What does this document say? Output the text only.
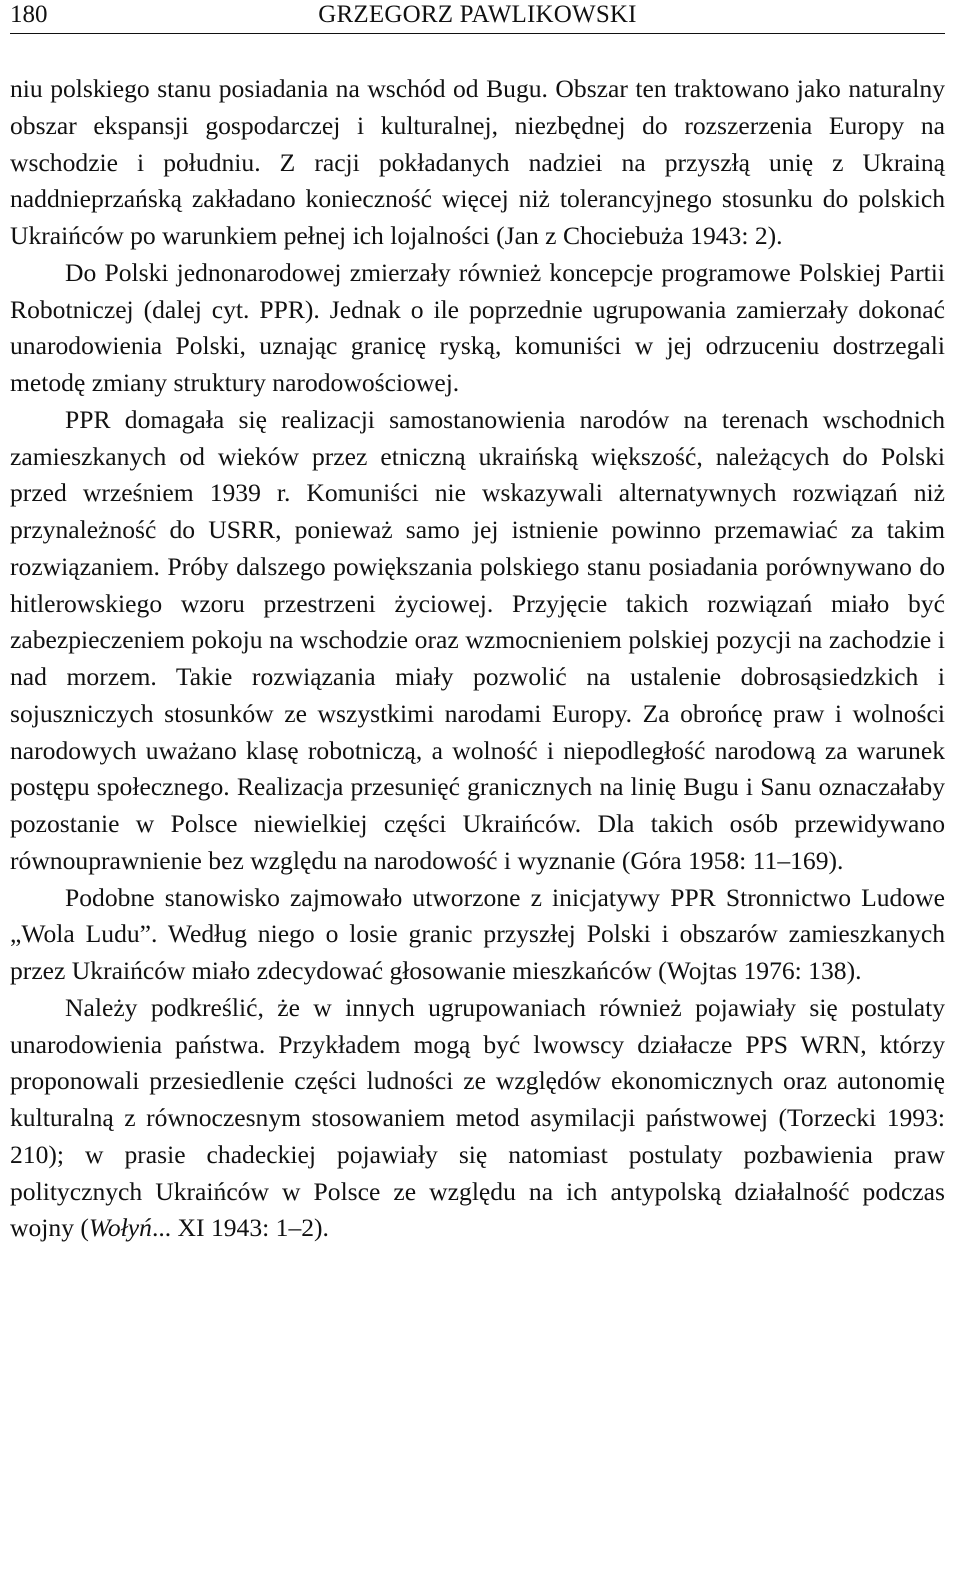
180	GRZEGORZ PAWLIKOWSKI

niu polskiego stanu posiadania na wschód od Bugu. Obszar ten traktowano jako naturalny obszar ekspansji gospodarczej i kulturalnej, niezbędnej do rozszerzenia Europy na wschodzie i południu. Z racji pokładanych nadziei na przyszłą unię z Ukrainą naddnieprzańską zakładano konieczność więcej niż tolerancyjnego stosunku do polskich Ukraińców po warunkiem pełnej ich lojalności (Jan z Chociebuża 1943: 2).

Do Polski jednonarodowej zmierzały również koncepcje programowe Polskiej Partii Robotniczej (dalej cyt. PPR). Jednak o ile poprzednie ugrupowania zamierzały dokonać unarodowienia Polski, uznając granicę ryską, komuniści w jej odrzuceniu dostrzegali metodę zmiany struktury narodowościowej.

PPR domagała się realizacji samostanowienia narodów na terenach wschodnich zamieszkanych od wieków przez etniczną ukraińską większość, należących do Polski przed wrześniem 1939 r. Komuniści nie wskazywali alternatywnych rozwiązań niż przynależność do USRR, ponieważ samo jej istnienie powinno przemawiać za takim rozwiązaniem. Próby dalszego powiększania polskiego stanu posiadania porównywano do hitlerowskiego wzoru przestrzeni życiowej. Przyjęcie takich rozwiązań miało być zabezpieczeniem pokoju na wschodzie oraz wzmocnieniem polskiej pozycji na zachodzie i nad morzem. Takie rozwiązania miały pozwolić na ustalenie dobrosąsiedzkich i sojuszniczych stosunków ze wszystkimi narodami Europy. Za obrońcę praw i wolności narodowych uważano klasę robotniczą, a wolność i niepodległość narodową za warunek postępu społecznego. Realizacja przesunięć granicznych na linię Bugu i Sanu oznaczałaby pozostanie w Polsce niewielkiej części Ukraińców. Dla takich osób przewidywano równouprawnienie bez względu na narodowość i wyznanie (Góra 1958: 11–169).

Podobne stanowisko zajmowało utworzone z inicjatywy PPR Stronnictwo Ludowe „Wola Ludu”. Według niego o losie granic przyszłej Polski i obszarów zamieszkanych przez Ukraińców miało zdecydować głosowanie mieszkańców (Wojtas 1976: 138).

Należy podkreślić, że w innych ugrupowaniach również pojawiały się postulaty unarodowienia państwa. Przykładem mogą być lwowscy działacze PPS WRN, którzy proponowali przesiedlenie części ludności ze względów ekonomicznych oraz autonomię kulturalną z równoczesnym stosowaniem metod asymilacji państwowej (Torzecki 1993: 210); w prasie chadeckiej pojawiały się natomiast postulaty pozbawienia praw politycznych Ukraińców w Polsce ze względu na ich antypolską działalność podczas wojny (Wołyń... XI 1943: 1–2).
